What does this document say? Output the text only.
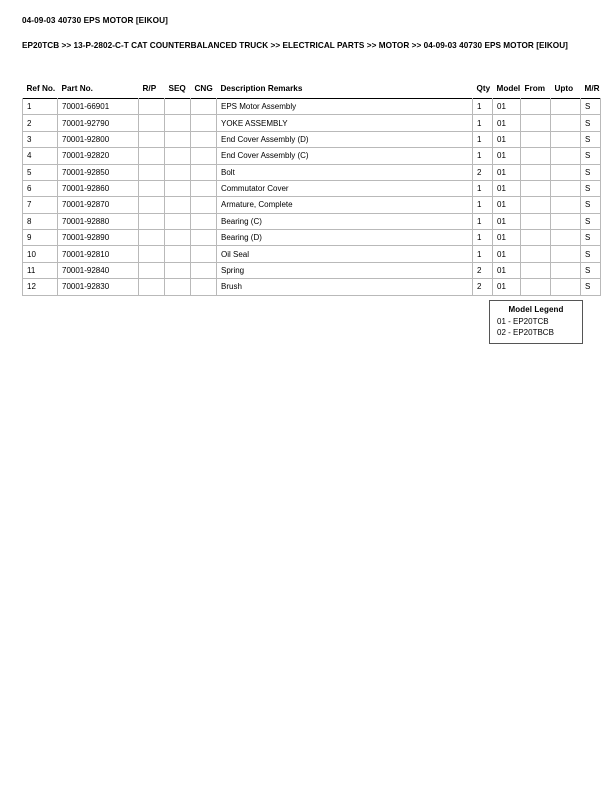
04-09-03 40730 EPS MOTOR [EIKOU]
EP20TCB >> 13-P-2802-C-T CAT COUNTERBALANCED TRUCK >> ELECTRICAL PARTS >> MOTOR >> 04-09-03 40730 EPS MOTOR [EIKOU]
Ref No.	Part No.	R/P	SEQ	CNG	Description Remarks	Qty	Model	From	Upto	M/R
1	70001-66901				EPS Motor Assembly	1	01			S
2	70001-92790				YOKE ASSEMBLY	1	01			S
3	70001-92800				End Cover Assembly (D)	1	01			S
4	70001-92820				End Cover Assembly (C)	1	01			S
5	70001-92850				Bolt	2	01			S
6	70001-92860				Commutator Cover	1	01			S
7	70001-92870				Armature, Complete	1	01			S
8	70001-92880				Bearing (C)	1	01			S
9	70001-92890				Bearing (D)	1	01			S
10	70001-92810				Oil Seal	1	01			S
11	70001-92840				Spring	2	01			S
12	70001-92830				Brush	2	01			S
Model Legend
01 - EP20TCB
02 - EP20TBCB
